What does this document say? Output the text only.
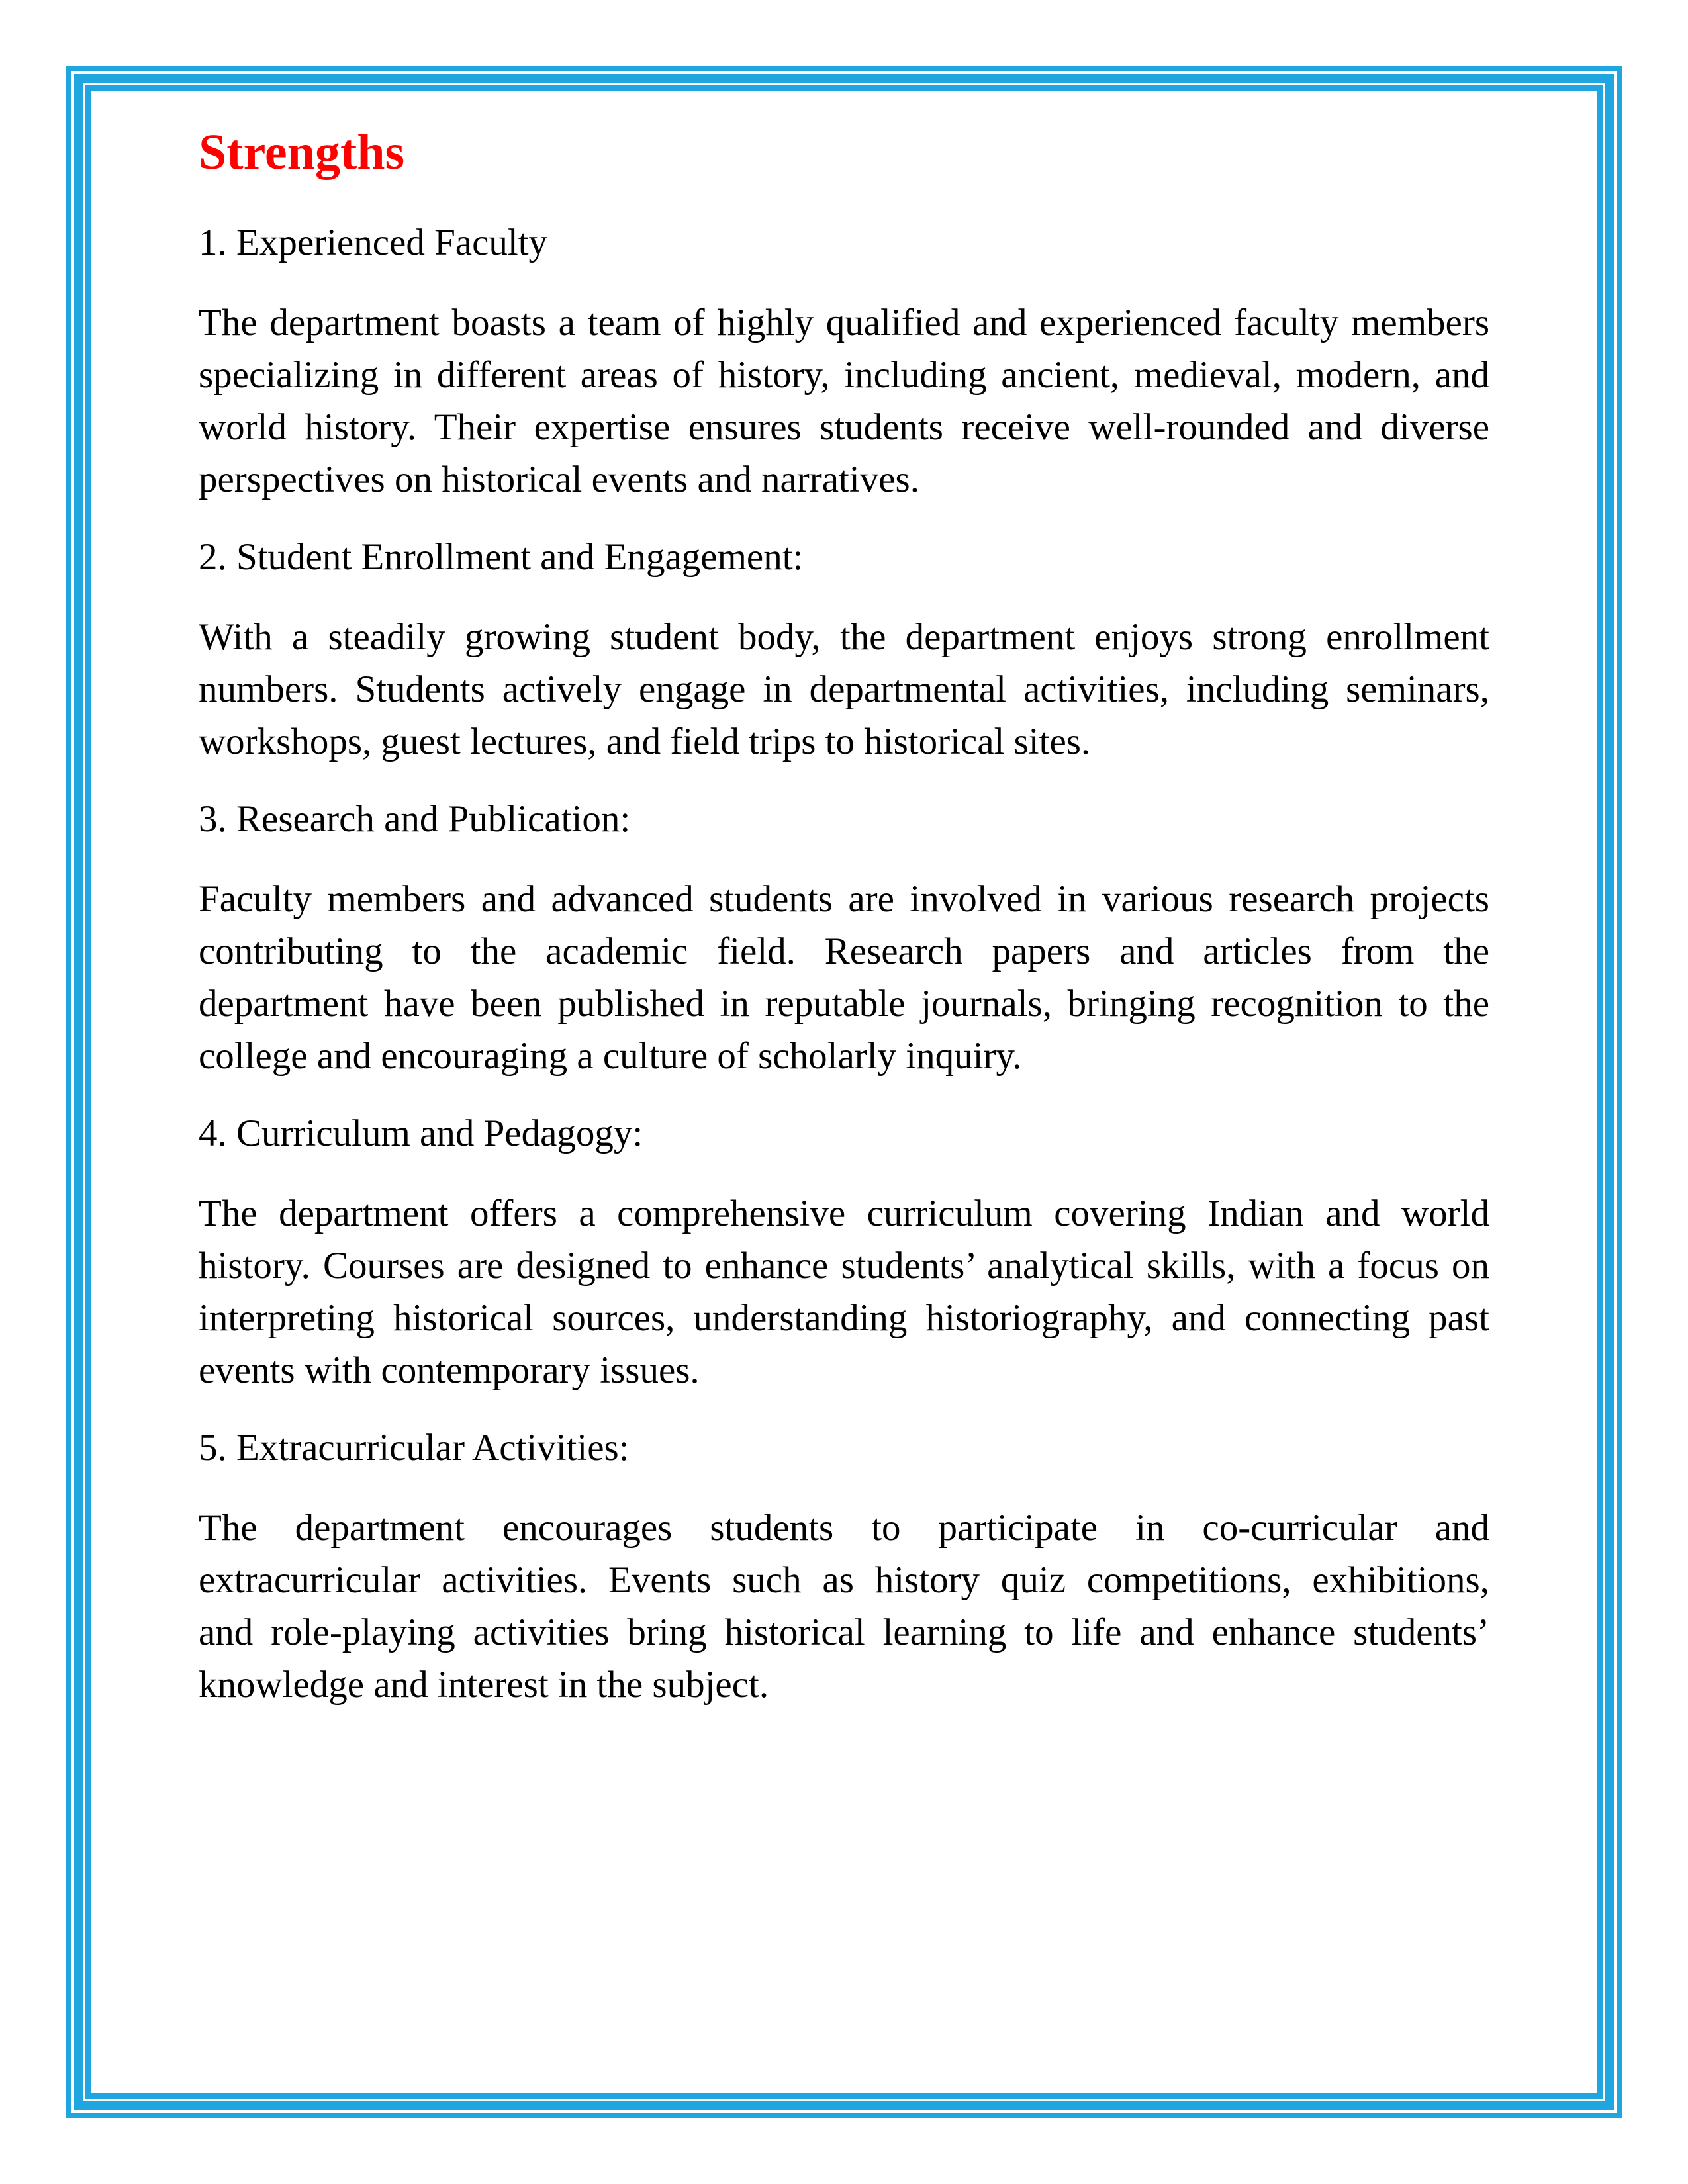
Strengths
1. Experienced Faculty
The department boasts a team of highly qualified and experienced faculty members
specializing in different areas of history, including ancient, medieval, modern, and
world history. Their expertise ensures students receive well-rounded and diverse
perspectives on historical events and narratives.
2. Student Enrollment and Engagement:
With a steadily growing student body, the department enjoys strong enrollment
numbers. Students actively engage in departmental activities, including seminars,
workshops, guest lectures, and field trips to historical sites.
3. Research and Publication:
Faculty members and advanced students are involved in various research projects
contributing to the academic field. Research papers and articles from the
department have been published in reputable journals, bringing recognition to the
college and encouraging a culture of scholarly inquiry.
4. Curriculum and Pedagogy:
The department offers a comprehensive curriculum covering Indian and world
history. Courses are designed to enhance students’ analytical skills, with a focus on
interpreting historical sources, understanding historiography, and connecting past
events with contemporary issues.
5. Extracurricular Activities:
The department encourages students to participate in co-curricular and
extracurricular activities. Events such as history quiz competitions, exhibitions,
and role-playing activities bring historical learning to life and enhance students’
knowledge and interest in the subject.
